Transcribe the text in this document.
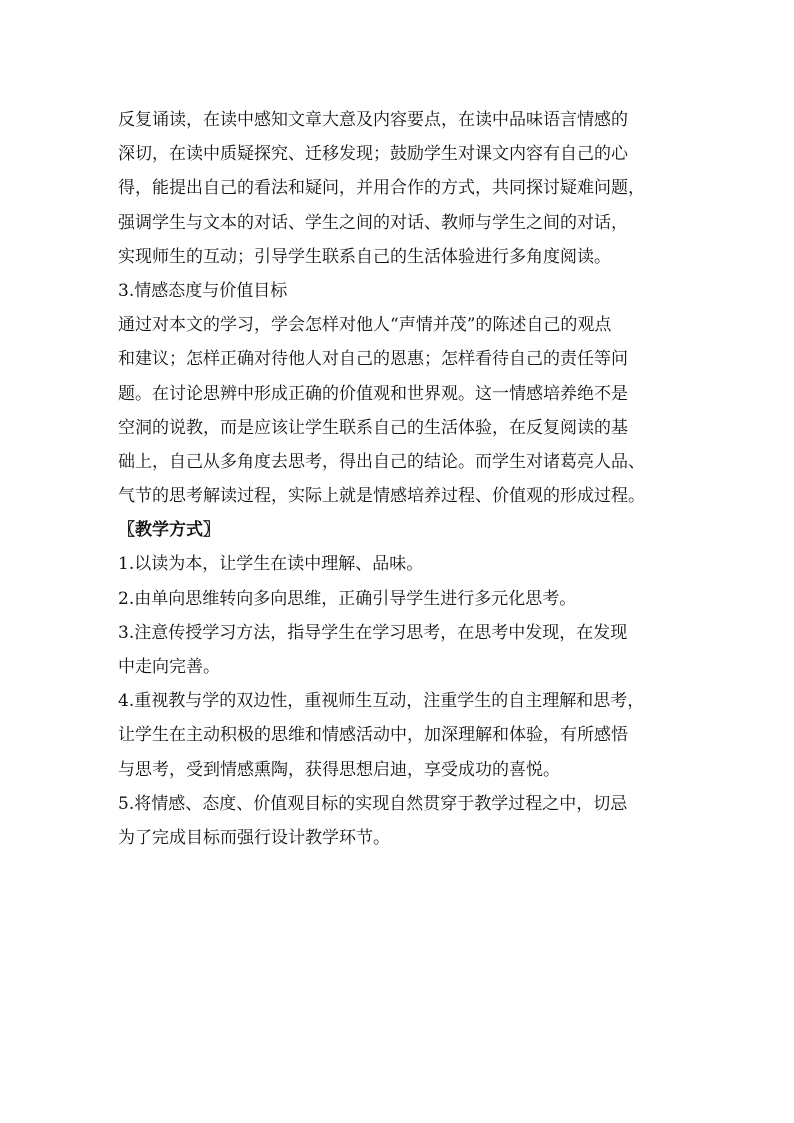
反复诵读，在读中感知文章大意及内容要点，在读中品味语言情感的
深切，在读中质疑探究、迁移发现；鼓励学生对课文内容有自己的心
得，能提出自己的看法和疑问，并用合作的方式，共同探讨疑难问题，
强调学生与文本的对话、学生之间的对话、教师与学生之间的对话，
实现师生的互动；引导学生联系自己的生活体验进行多角度阅读。
3.情感态度与价值目标
通过对本文的学习，学会怎样对他人“声情并茂”的陈述自己的观点
和建议；怎样正确对待他人对自己的恩惠；怎样看待自己的责任等问
题。在讨论思辨中形成正确的价值观和世界观。这一情感培养绝不是
空洞的说教，而是应该让学生联系自己的生活体验，在反复阅读的基
础上，自己从多角度去思考，得出自己的结论。而学生对诸葛亮人品、
气节的思考解读过程，实际上就是情感培养过程、价值观的形成过程。
〖教学方式〗
1.以读为本，让学生在读中理解、品味。
2.由单向思维转向多向思维，正确引导学生进行多元化思考。
3.注意传授学习方法，指导学生在学习思考，在思考中发现，在发现
中走向完善。
4.重视教与学的双边性，重视师生互动，注重学生的自主理解和思考，
让学生在主动积极的思维和情感活动中，加深理解和体验，有所感悟
与思考，受到情感熏陶，获得思想启迪，享受成功的喜悦。
5.将情感、态度、价值观目标的实现自然贯穿于教学过程之中，切忌
为了完成目标而强行设计教学环节。
